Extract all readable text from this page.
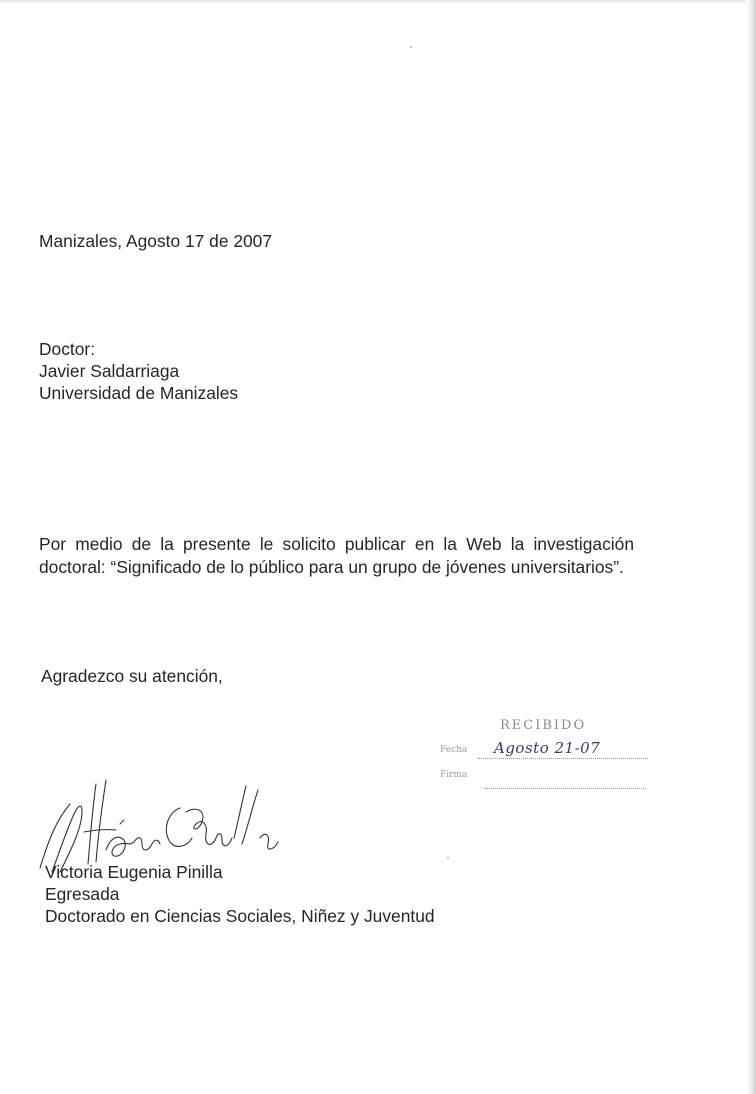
Manizales, Agosto 17 de 2007
Doctor:
Javier Saldarriaga
Universidad de Manizales
Por medio de la presente le solicito publicar en la Web la investigación doctoral: “Significado de lo público para un grupo de jóvenes universitarios”.
Agradezco su atención,
RECIBIDO
Fecha Agosto 21-07
Firma
Victoria Eugenia Pinilla
Egresada
Doctorado en Ciencias Sociales, Niñez y Juventud
